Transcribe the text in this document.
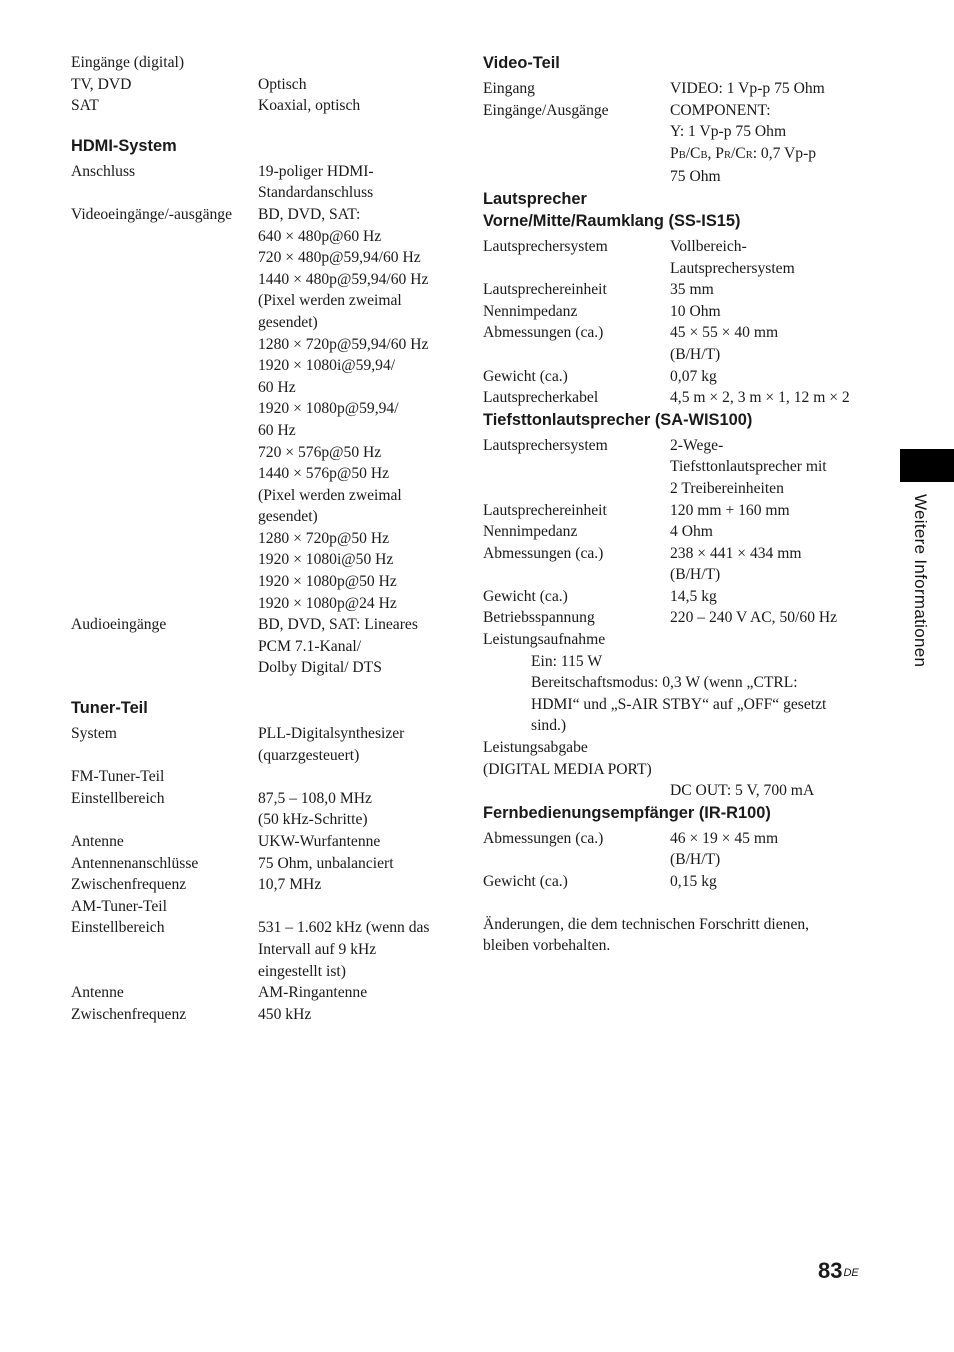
Eingänge (digital)
TV, DVD	Optisch
SAT	Koaxial, optisch
HDMI-System
Anschluss	19-poliger HDMI-
Standardanschluss
Videoeingänge/-ausgänge	BD, DVD, SAT:
640 × 480p@60 Hz
720 × 480p@59,94/60 Hz
1440 × 480p@59,94/60 Hz
(Pixel werden zweimal
gesendet)
1280 × 720p@59,94/60 Hz
1920 × 1080i@59,94/
60 Hz
1920 × 1080p@59,94/
60 Hz
720 × 576p@50 Hz
1440 × 576p@50 Hz
(Pixel werden zweimal
gesendet)
1280 × 720p@50 Hz
1920 × 1080i@50 Hz
1920 × 1080p@50 Hz
1920 × 1080p@24 Hz
Audioeingänge	BD, DVD, SAT: Lineares
PCM 7.1-Kanal/
Dolby Digital/ DTS
Tuner-Teil
System	PLL-Digitalsynthesizer
(quarzgesteuert)
FM-Tuner-Teil
Einstellbereich	87,5 – 108,0 MHz
(50 kHz-Schritte)
Antenne	UKW-Wurfantenne
Antennenanschlüsse	75 Ohm, unbalanciert
Zwischenfrequenz	10,7 MHz
AM-Tuner-Teil
Einstellbereich	531 – 1.602 kHz (wenn das
Intervall auf 9 kHz
eingestellt ist)
Antenne	AM-Ringantenne
Zwischenfrequenz	450 kHz
Video-Teil
Eingang	VIDEO: 1 Vp-p 75 Ohm
Eingänge/Ausgänge	COMPONENT:
Y: 1 Vp-p 75 Ohm
PB/CB, PR/CR: 0,7 Vp-p
75 Ohm
Lautsprecher
Vorne/Mitte/Raumklang (SS-IS15)
Lautsprechersystem	Vollbereich-
Lautsprechersystem
Lautsprechereinheit	35 mm
Nennimpedanz	10 Ohm
Abmessungen (ca.)	45 × 55 × 40 mm
(B/H/T)
Gewicht (ca.)	0,07 kg
Lautsprecherkabel	4,5 m × 2, 3 m × 1, 12 m × 2
Tiefsttonlautsprecher (SA-WIS100)
Lautsprechersystem	2-Wege-
Tiefsttonlautsprecher mit
2 Treibereinheiten
Lautsprechereinheit	120 mm + 160 mm
Nennimpedanz	4 Ohm
Abmessungen (ca.)	238 × 441 × 434 mm
(B/H/T)
Gewicht (ca.)	14,5 kg
Betriebsspannung	220 – 240 V AC, 50/60 Hz
Leistungsaufnahme
Ein: 115 W
Bereitschaftsmodus: 0,3 W (wenn „CTRL:
HDMI“ und „S-AIR STBY“ auf „OFF“ gesetzt
sind.)
Leistungsabgabe
(DIGITAL MEDIA PORT)
DC OUT: 5 V, 700 mA
Fernbedienungsempfänger (IR-R100)
Abmessungen (ca.)	46 × 19 × 45 mm
(B/H/T)
Gewicht (ca.)	0,15 kg
Änderungen, die dem technischen Forschritt dienen,
bleiben vorbehalten.
Weitere Informationen
83DE
